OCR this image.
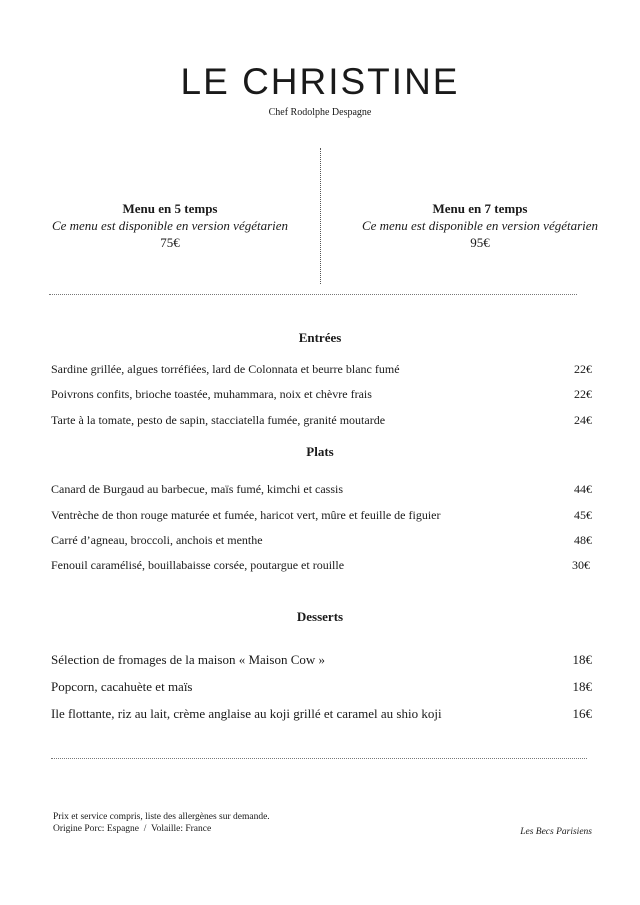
LE CHRISTINE
Chef Rodolphe Despagne
Menu en 5 temps
Ce menu est disponible en version végétarien
75€
Menu en 7 temps
Ce menu est disponible en version végétarien
95€
Entrées
Sardine grillée, algues torréfiées, lard de Colonnata et beurre blanc fumé	22€
Poivrons confits, brioche toastée, muhammara, noix et chèvre frais	22€
Tarte à la tomate, pesto de sapin, stacciatella fumée, granité moutarde	24€
Plats
Canard de Burgaud au barbecue, maïs fumé, kimchi et cassis	44€
Ventrèche de thon rouge maturée et fumée, haricot vert, mûre et feuille de figuier	45€
Carré d’agneau, broccoli, anchois et menthe	48€
Fenouil caramélisé, bouillabaisse corsée, poutargue et rouille	30€
Desserts
Sélection de fromages de la maison « Maison Cow »	18€
Popcorn, cacahuète et maïs	18€
Ile flottante, riz au lait, crème anglaise au koji grillé et caramel au shio koji	16€
Prix et service compris, liste des allergènes sur demande.
Origine Porc: Espagne  /  Volaille: France	Les Becs Parisiens
